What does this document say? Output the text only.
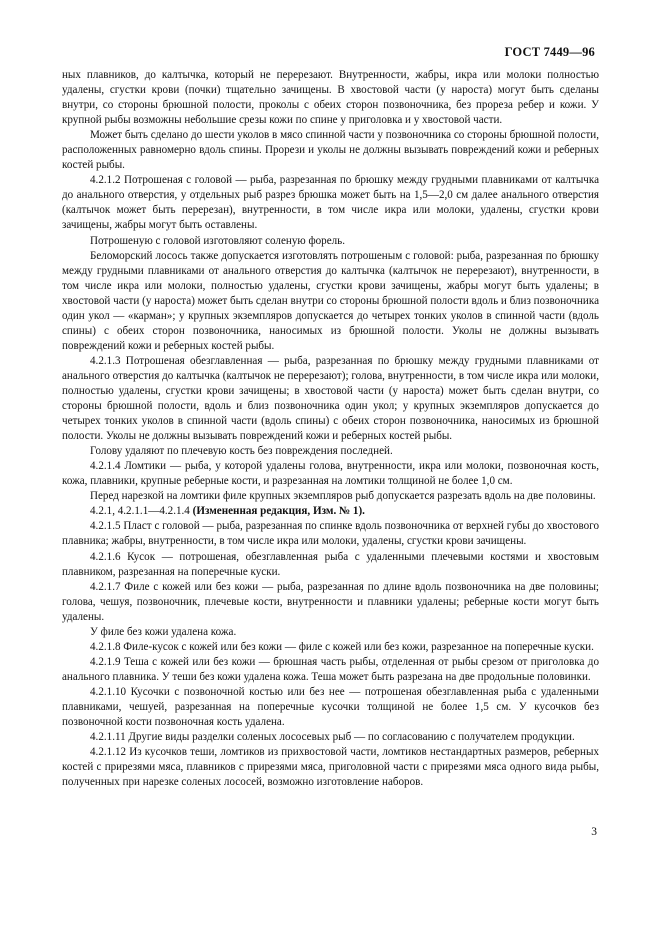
ГОСТ 7449—96

ных плавников, до калтычка, который не перерезают. Внутренности, жабры, икра или молоки полностью удалены, сгустки крови (почки) тщательно зачищены. В хвостовой части (у нароста) могут быть сделаны внутри, со стороны брюшной полости, проколы с обеих сторон позвоночника, без прореза ребер и кожи. У крупной рыбы возможны небольшие срезы кожи по спине у приголовка и у хвостовой части.

Может быть сделано до шести уколов в мясо спинной части у позвоночника со стороны брюшной полости, расположенных равномерно вдоль спины. Прорези и уколы не должны вызывать повреждений кожи и реберных костей рыбы.

4.2.1.2 Потрошеная с головой — рыба, разрезанная по брюшку между грудными плавниками от калтычка до анального отверстия, у отдельных рыб разрез брюшка может быть на 1,5—2,0 см далее анального отверстия (калтычок может быть перерезан), внутренности, в том числе икра или молоки, удалены, сгустки крови зачищены, жабры могут быть оставлены.

Потрошеную с головой изготовляют соленую форель.

Беломорский лосось также допускается изготовлять потрошеным с головой: рыба, разрезанная по брюшку между грудными плавниками от анального отверстия до калтычка (калтычок не перерезают), внутренности, в том числе икра или молоки, полностью удалены, сгустки крови зачищены, жабры могут быть удалены; в хвостовой части (у нароста) может быть сделан внутри со стороны брюшной полости вдоль и близ позвоночника один укол — «карман»; у крупных экземпляров допускается до четырех тонких уколов в спинной части (вдоль спины) с обеих сторон позвоночника, наносимых из брюшной полости. Уколы не должны вызывать повреждений кожи и реберных костей рыбы.

4.2.1.3 Потрошеная обезглавленная — рыба, разрезанная по брюшку между грудными плавниками от анального отверстия до калтычка (калтычок не перерезают); голова, внутренности, в том числе икра или молоки, полностью удалены, сгустки крови зачищены; в хвостовой части (у нароста) может быть сделан внутри, со стороны брюшной полости, вдоль и близ позвоночника один укол; у крупных экземпляров допускается до четырех тонких уколов в спинной части (вдоль спины) с обеих сторон позвоночника, наносимых из брюшной полости. Уколы не должны вызывать повреждений кожи и реберных костей рыбы.

Голову удаляют по плечевую кость без повреждения последней.

4.2.1.4 Ломтики — рыба, у которой удалены голова, внутренности, икра или молоки, позвоночная кость, кожа, плавники, крупные реберные кости, и разрезанная на ломтики толщиной не более 1,0 см.

Перед нарезкой на ломтики филе крупных экземпляров рыб допускается разрезать вдоль на две половины.

4.2.1, 4.2.1.1—4.2.1.4 (Измененная редакция, Изм. № 1).

4.2.1.5 Пласт с головой — рыба, разрезанная по спинке вдоль позвоночника от верхней губы до хвостового плавника; жабры, внутренности, в том числе икра или молоки, удалены, сгустки крови зачищены.

4.2.1.6 Кусок — потрошеная, обезглавленная рыба с удаленными плечевыми костями и хвостовым плавником, разрезанная на поперечные куски.

4.2.1.7 Филе с кожей или без кожи — рыба, разрезанная по длине вдоль позвоночника на две половины; голова, чешуя, позвоночник, плечевые кости, внутренности и плавники удалены; реберные кости могут быть удалены.

У филе без кожи удалена кожа.

4.2.1.8 Филе-кусок с кожей или без кожи — филе с кожей или без кожи, разрезанное на поперечные куски.

4.2.1.9 Теша с кожей или без кожи — брюшная часть рыбы, отделенная от рыбы срезом от приголовка до анального плавника. У теши без кожи удалена кожа. Теша может быть разрезана на две продольные половинки.

4.2.1.10 Кусочки с позвоночной костью или без нее — потрошеная обезглавленная рыба с удаленными плавниками, чешуей, разрезанная на поперечные кусочки толщиной не более 1,5 см. У кусочков без позвоночной кости позвоночная кость удалена.

4.2.1.11 Другие виды разделки соленых лососевых рыб — по согласованию с получателем продукции.

4.2.1.12 Из кусочков теши, ломтиков из прихвостовой части, ломтиков нестандартных размеров, реберных костей с прирезями мяса, плавников с прирезями мяса, приголовной части с прирезями мяса одного вида рыбы, полученных при нарезке соленых лососей, возможно изготовление наборов.

3
